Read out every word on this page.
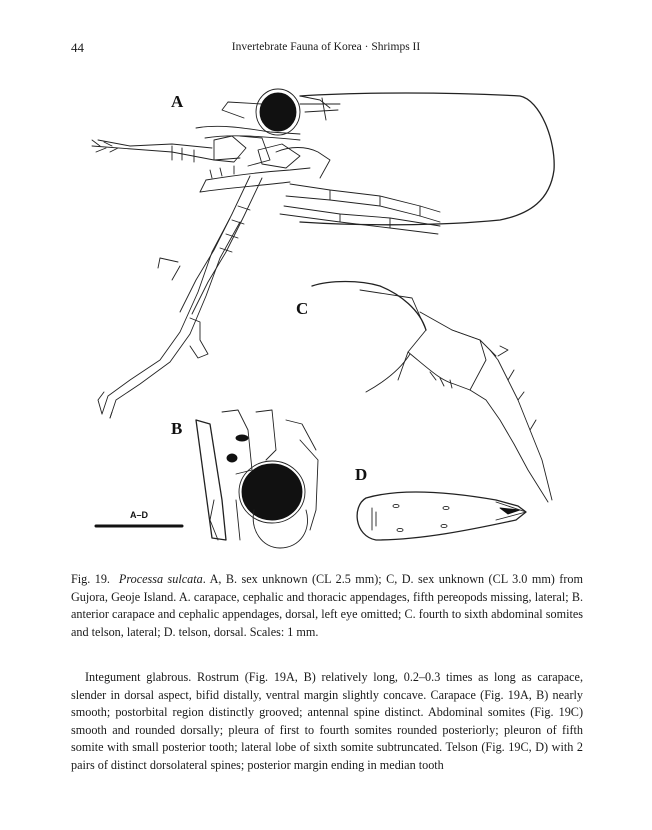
44	Invertebrate Fauna of Korea · Shrimps II
A
B
C
D
A–D
Fig. 19. Processa sulcata. A, B. sex unknown (CL 2.5 mm); C, D. sex unknown (CL 3.0 mm) from Gujora, Geoje Island. A. carapace, cephalic and thoracic appendages, fifth pereopods missing, lateral; B. anterior carapace and cephalic appendages, dorsal, left eye omitted; C. fourth to sixth abdominal somites and telson, lateral; D. telson, dorsal. Scales: 1 mm.
Integument glabrous. Rostrum (Fig. 19A, B) relatively long, 0.2–0.3 times as long as carapace, slender in dorsal aspect, bifid distally, ventral margin slightly concave. Carapace (Fig. 19A, B) nearly smooth; postorbital region distinctly grooved; antennal spine distinct. Abdominal somites (Fig. 19C) smooth and rounded dorsally; pleura of first to fourth somites rounded posteriorly; pleuron of fifth somite with small posterior tooth; lateral lobe of sixth somite subtruncated. Telson (Fig. 19C, D) with 2 pairs of distinct dorsolateral spines; posterior margin ending in median tooth
